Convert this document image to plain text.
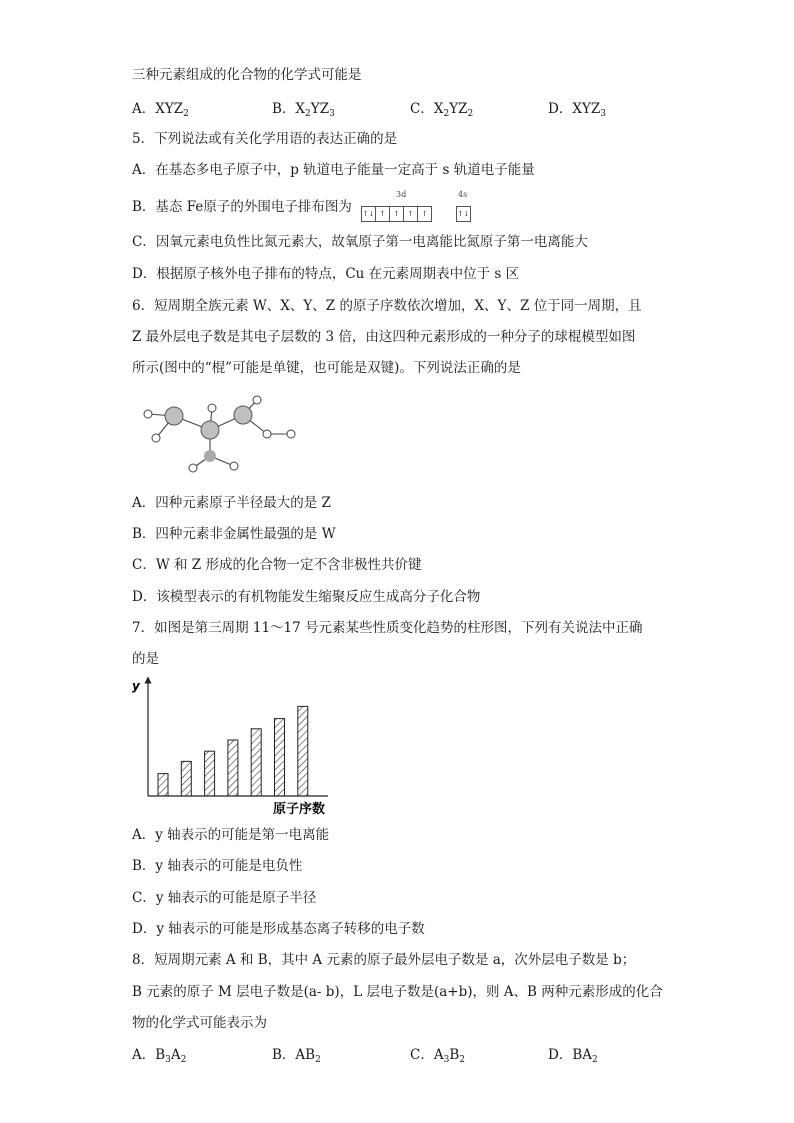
三种元素组成的化合物的化学式可能是
A．$XYZ_2$	B．$X_2YZ_3$	C．$X_2YZ_2$	D．$XYZ_3$
5．下列说法或有关化学用语的表达正确的是
A．在基态多电子原子中，p 轨道电子能量一定高于 s 轨道电子能量
B．基态 Fe原子的外围电子排布图为
3d	4s
↑↓ ↑ ↑ ↑ ↑	↑↓
C．因氧元素电负性比氮元素大，故氧原子第一电离能比氮原子第一电离能大
D．根据原子核外电子排布的特点，Cu 在元素周期表中位于 s 区
6．短周期全族元素 W、X、Y、Z 的原子序数依次增加，X、Y、Z 位于同一周期，且
Z 最外层电子数是其电子层数的 3 倍，由这四种元素形成的一种分子的球棍模型如图
所示(图中的“棍”可能是单键，也可能是双键)。下列说法正确的是
A．四种元素原子半径最大的是 Z
B．四种元素非金属性最强的是 W
C．W 和 Z 形成的化合物一定不含非极性共价键
D．该模型表示的有机物能发生缩聚反应生成高分子化合物
7．如图是第三周期 11～17 号元素某些性质变化趋势的柱形图，下列有关说法中正确
的是
y
原子序数
A．y 轴表示的可能是第一电离能
B．y 轴表示的可能是电负性
C．y 轴表示的可能是原子半径
D．y 轴表示的可能是形成基态离子转移的电子数
8．短周期元素 A 和 B，其中 A 元素的原子最外层电子数是 a，次外层电子数是 b；
B 元素的原子 M 层电子数是(a- b)，L 层电子数是(a+b)，则 A、B 两种元素形成的化合
物的化学式可能表示为
A．$B_3A_2$	B．$AB_2$	C．$A_3B_2$	D．$BA_2$
